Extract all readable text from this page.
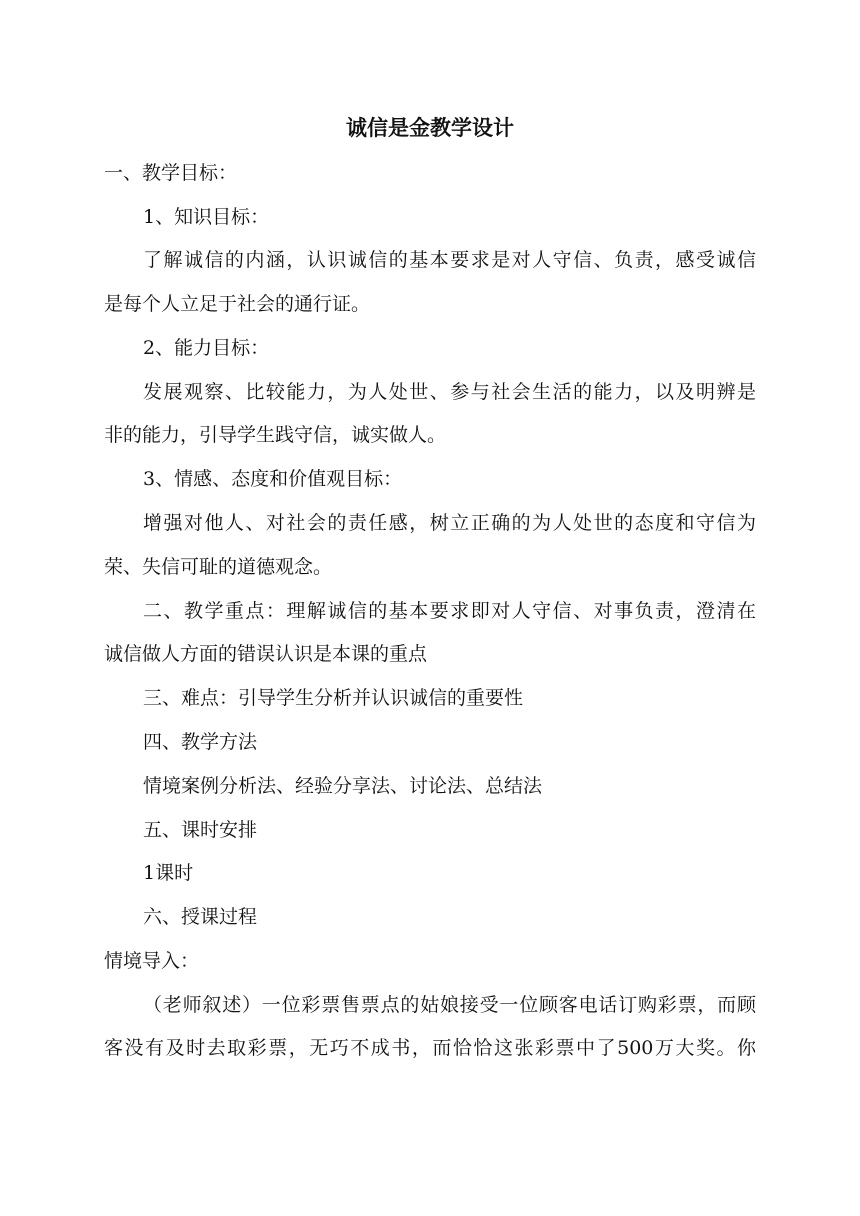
诚信是金教学设计

一、教学目标：

1、知识目标：

了解诚信的内涵，认识诚信的基本要求是对人守信、负责，感受诚信

是每个人立足于社会的通行证。

2、能力目标：

发展观察、比较能力，为人处世、参与社会生活的能力，以及明辨是

非的能力，引导学生践守信，诚实做人。

3、情感、态度和价值观目标：

增强对他人、对社会的责任感，树立正确的为人处世的态度和守信为

荣、失信可耻的道德观念。

二、教学重点：理解诚信的基本要求即对人守信、对事负责，澄清在

诚信做人方面的错误认识是本课的重点

三、难点：引导学生分析并认识诚信的重要性

四、教学方法

情境案例分析法、经验分享法、讨论法、总结法

五、课时安排

1课时

六、授课过程

情境导入：

（老师叙述）一位彩票售票点的姑娘接受一位顾客电话订购彩票，而顾

客没有及时去取彩票，无巧不成书，而恰恰这张彩票中了500万大奖。你
